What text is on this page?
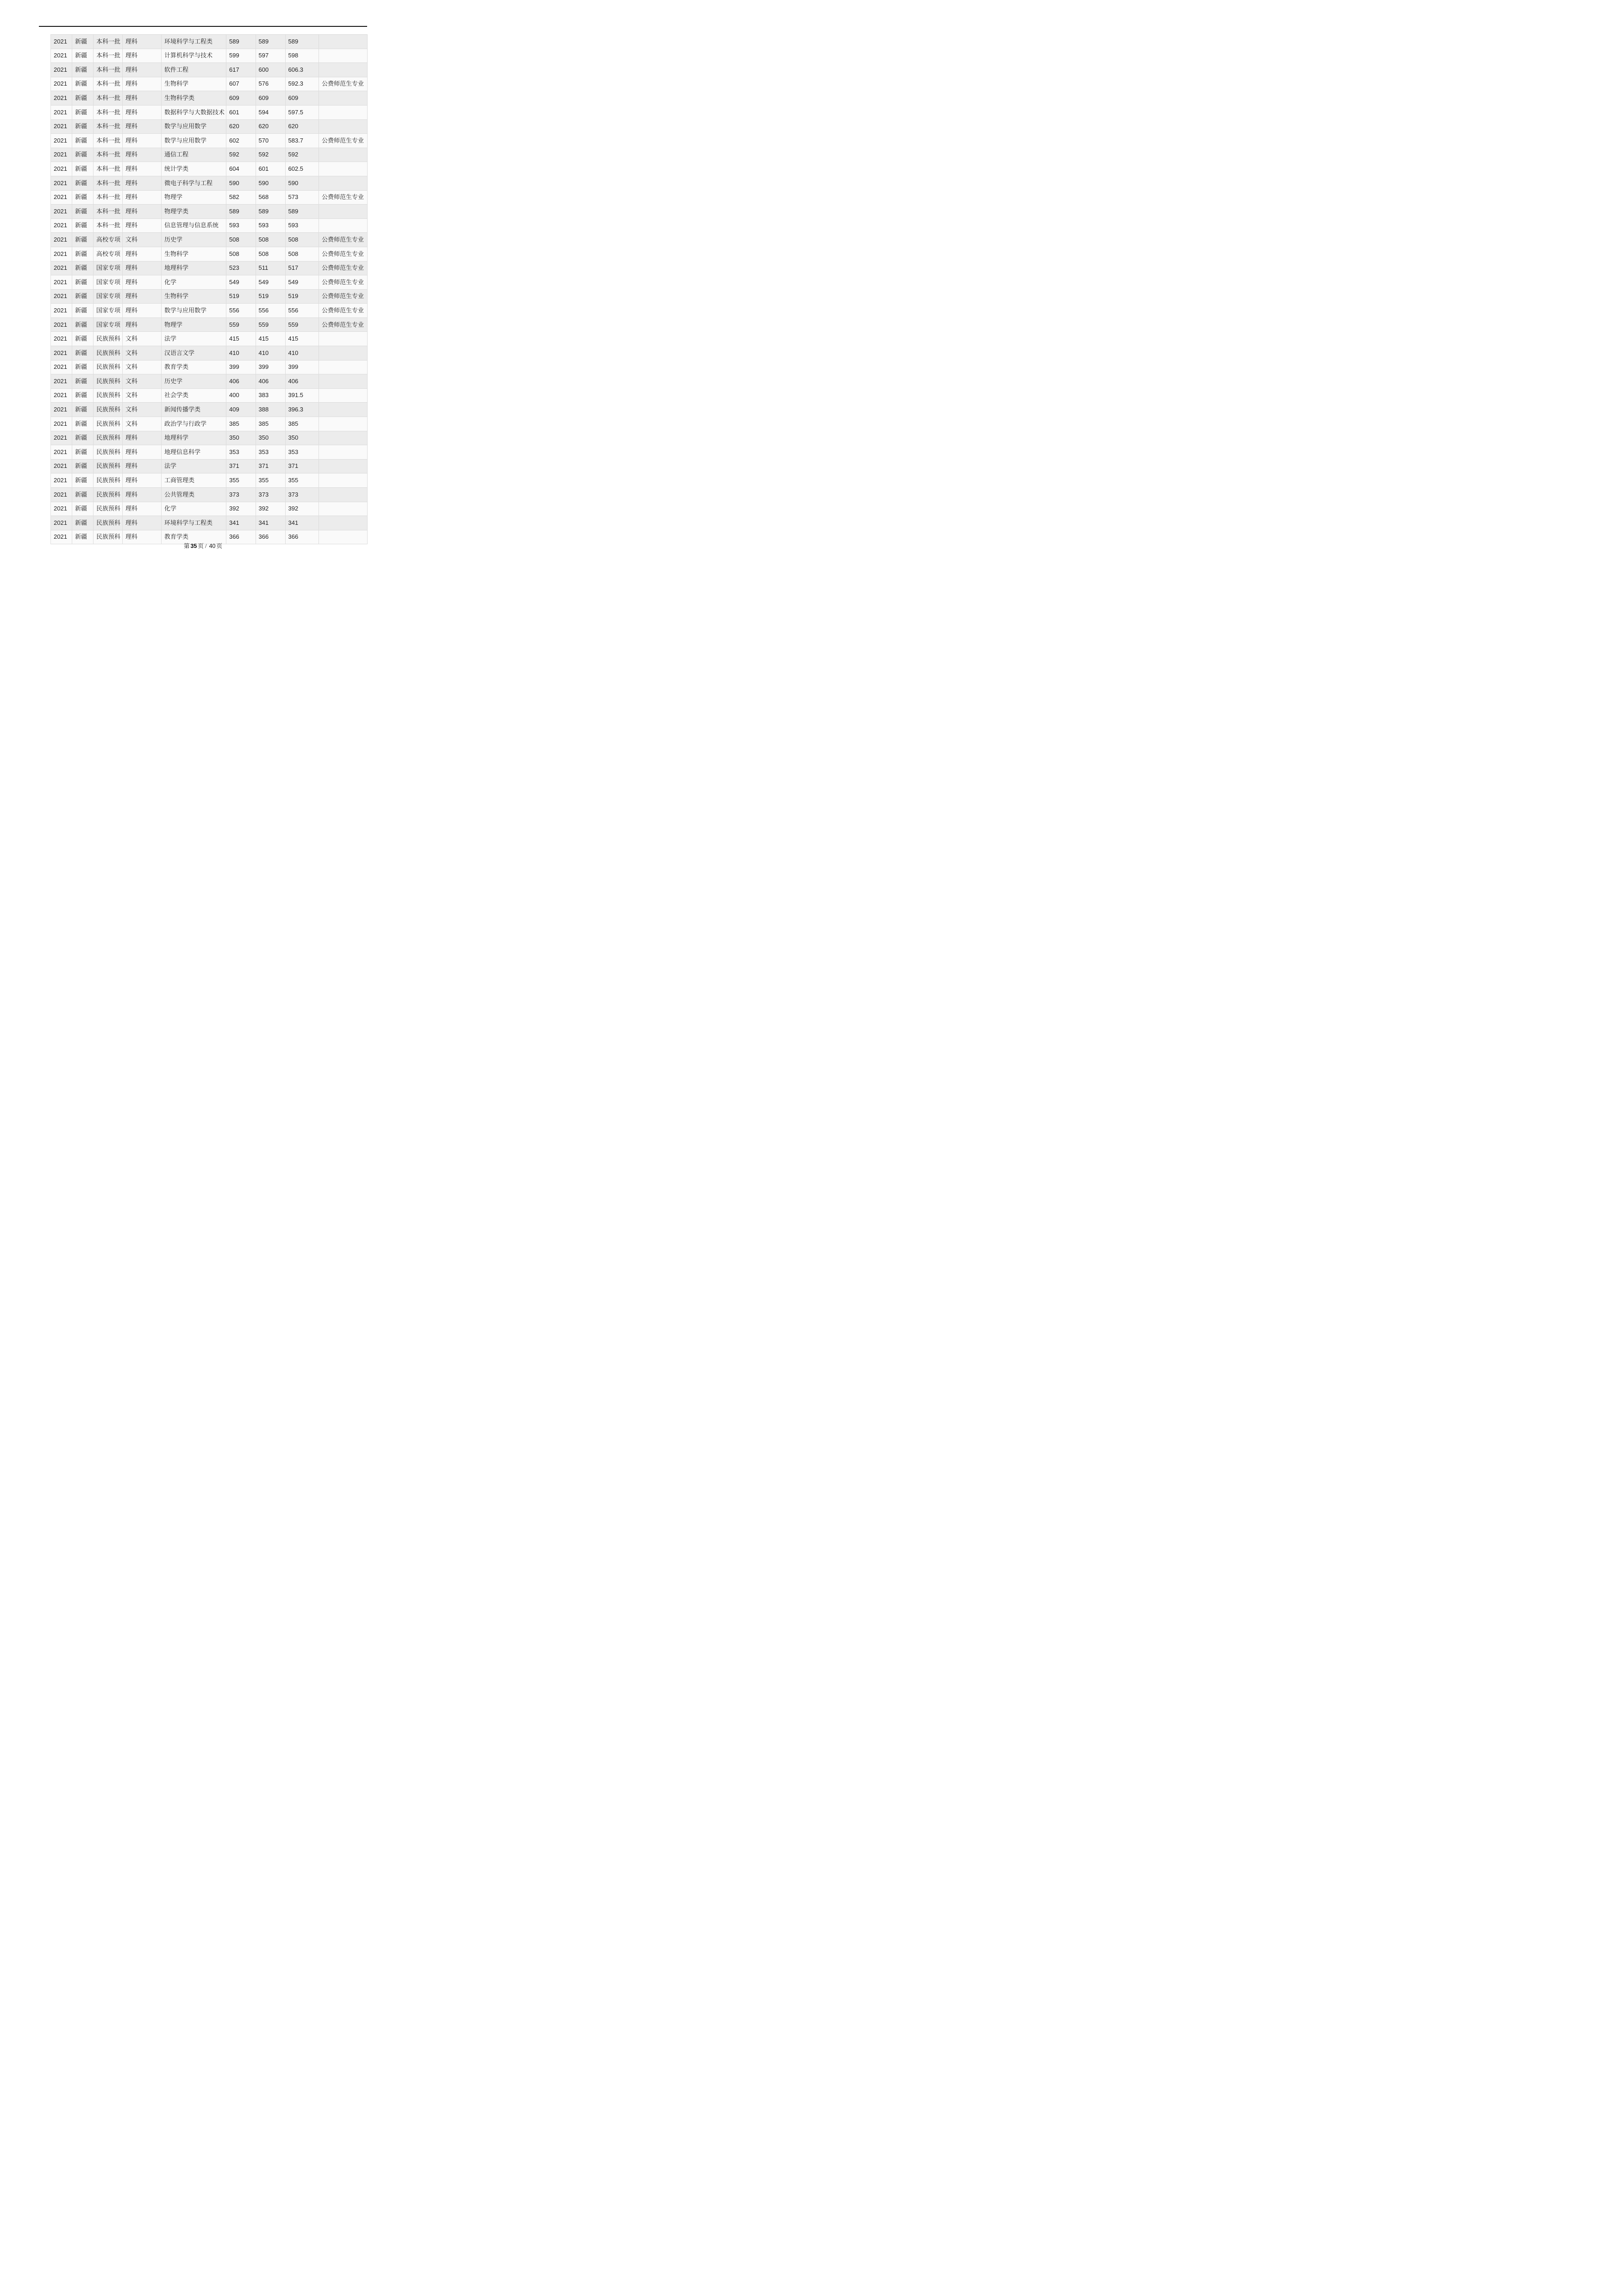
2021	新疆	本科一批	理科	环境科学与工程类	589	589	589	
2021	新疆	本科一批	理科	计算机科学与技术	599	597	598	
2021	新疆	本科一批	理科	软件工程	617	600	606.3	
2021	新疆	本科一批	理科	生物科学	607	576	592.3	公费师范生专业
2021	新疆	本科一批	理科	生物科学类	609	609	609	
2021	新疆	本科一批	理科	数据科学与大数据技术	601	594	597.5	
2021	新疆	本科一批	理科	数学与应用数学	620	620	620	
2021	新疆	本科一批	理科	数学与应用数学	602	570	583.7	公费师范生专业
2021	新疆	本科一批	理科	通信工程	592	592	592	
2021	新疆	本科一批	理科	统计学类	604	601	602.5	
2021	新疆	本科一批	理科	微电子科学与工程	590	590	590	
2021	新疆	本科一批	理科	物理学	582	568	573	公费师范生专业
2021	新疆	本科一批	理科	物理学类	589	589	589	
2021	新疆	本科一批	理科	信息管理与信息系统	593	593	593	
2021	新疆	高校专项	文科	历史学	508	508	508	公费师范生专业
2021	新疆	高校专项	理科	生物科学	508	508	508	公费师范生专业
2021	新疆	国家专项	理科	地理科学	523	511	517	公费师范生专业
2021	新疆	国家专项	理科	化学	549	549	549	公费师范生专业
2021	新疆	国家专项	理科	生物科学	519	519	519	公费师范生专业
2021	新疆	国家专项	理科	数学与应用数学	556	556	556	公费师范生专业
2021	新疆	国家专项	理科	物理学	559	559	559	公费师范生专业
2021	新疆	民族预科	文科	法学	415	415	415	
2021	新疆	民族预科	文科	汉语言文学	410	410	410	
2021	新疆	民族预科	文科	教育学类	399	399	399	
2021	新疆	民族预科	文科	历史学	406	406	406	
2021	新疆	民族预科	文科	社会学类	400	383	391.5	
2021	新疆	民族预科	文科	新闻传播学类	409	388	396.3	
2021	新疆	民族预科	文科	政治学与行政学	385	385	385	
2021	新疆	民族预科	理科	地理科学	350	350	350	
2021	新疆	民族预科	理科	地理信息科学	353	353	353	
2021	新疆	民族预科	理科	法学	371	371	371	
2021	新疆	民族预科	理科	工商管理类	355	355	355	
2021	新疆	民族预科	理科	公共管理类	373	373	373	
2021	新疆	民族预科	理科	化学	392	392	392	
2021	新疆	民族预科	理科	环境科学与工程类	341	341	341	
2021	新疆	民族预科	理科	教育学类	366	366	366	
第 35 页 / 40 页
